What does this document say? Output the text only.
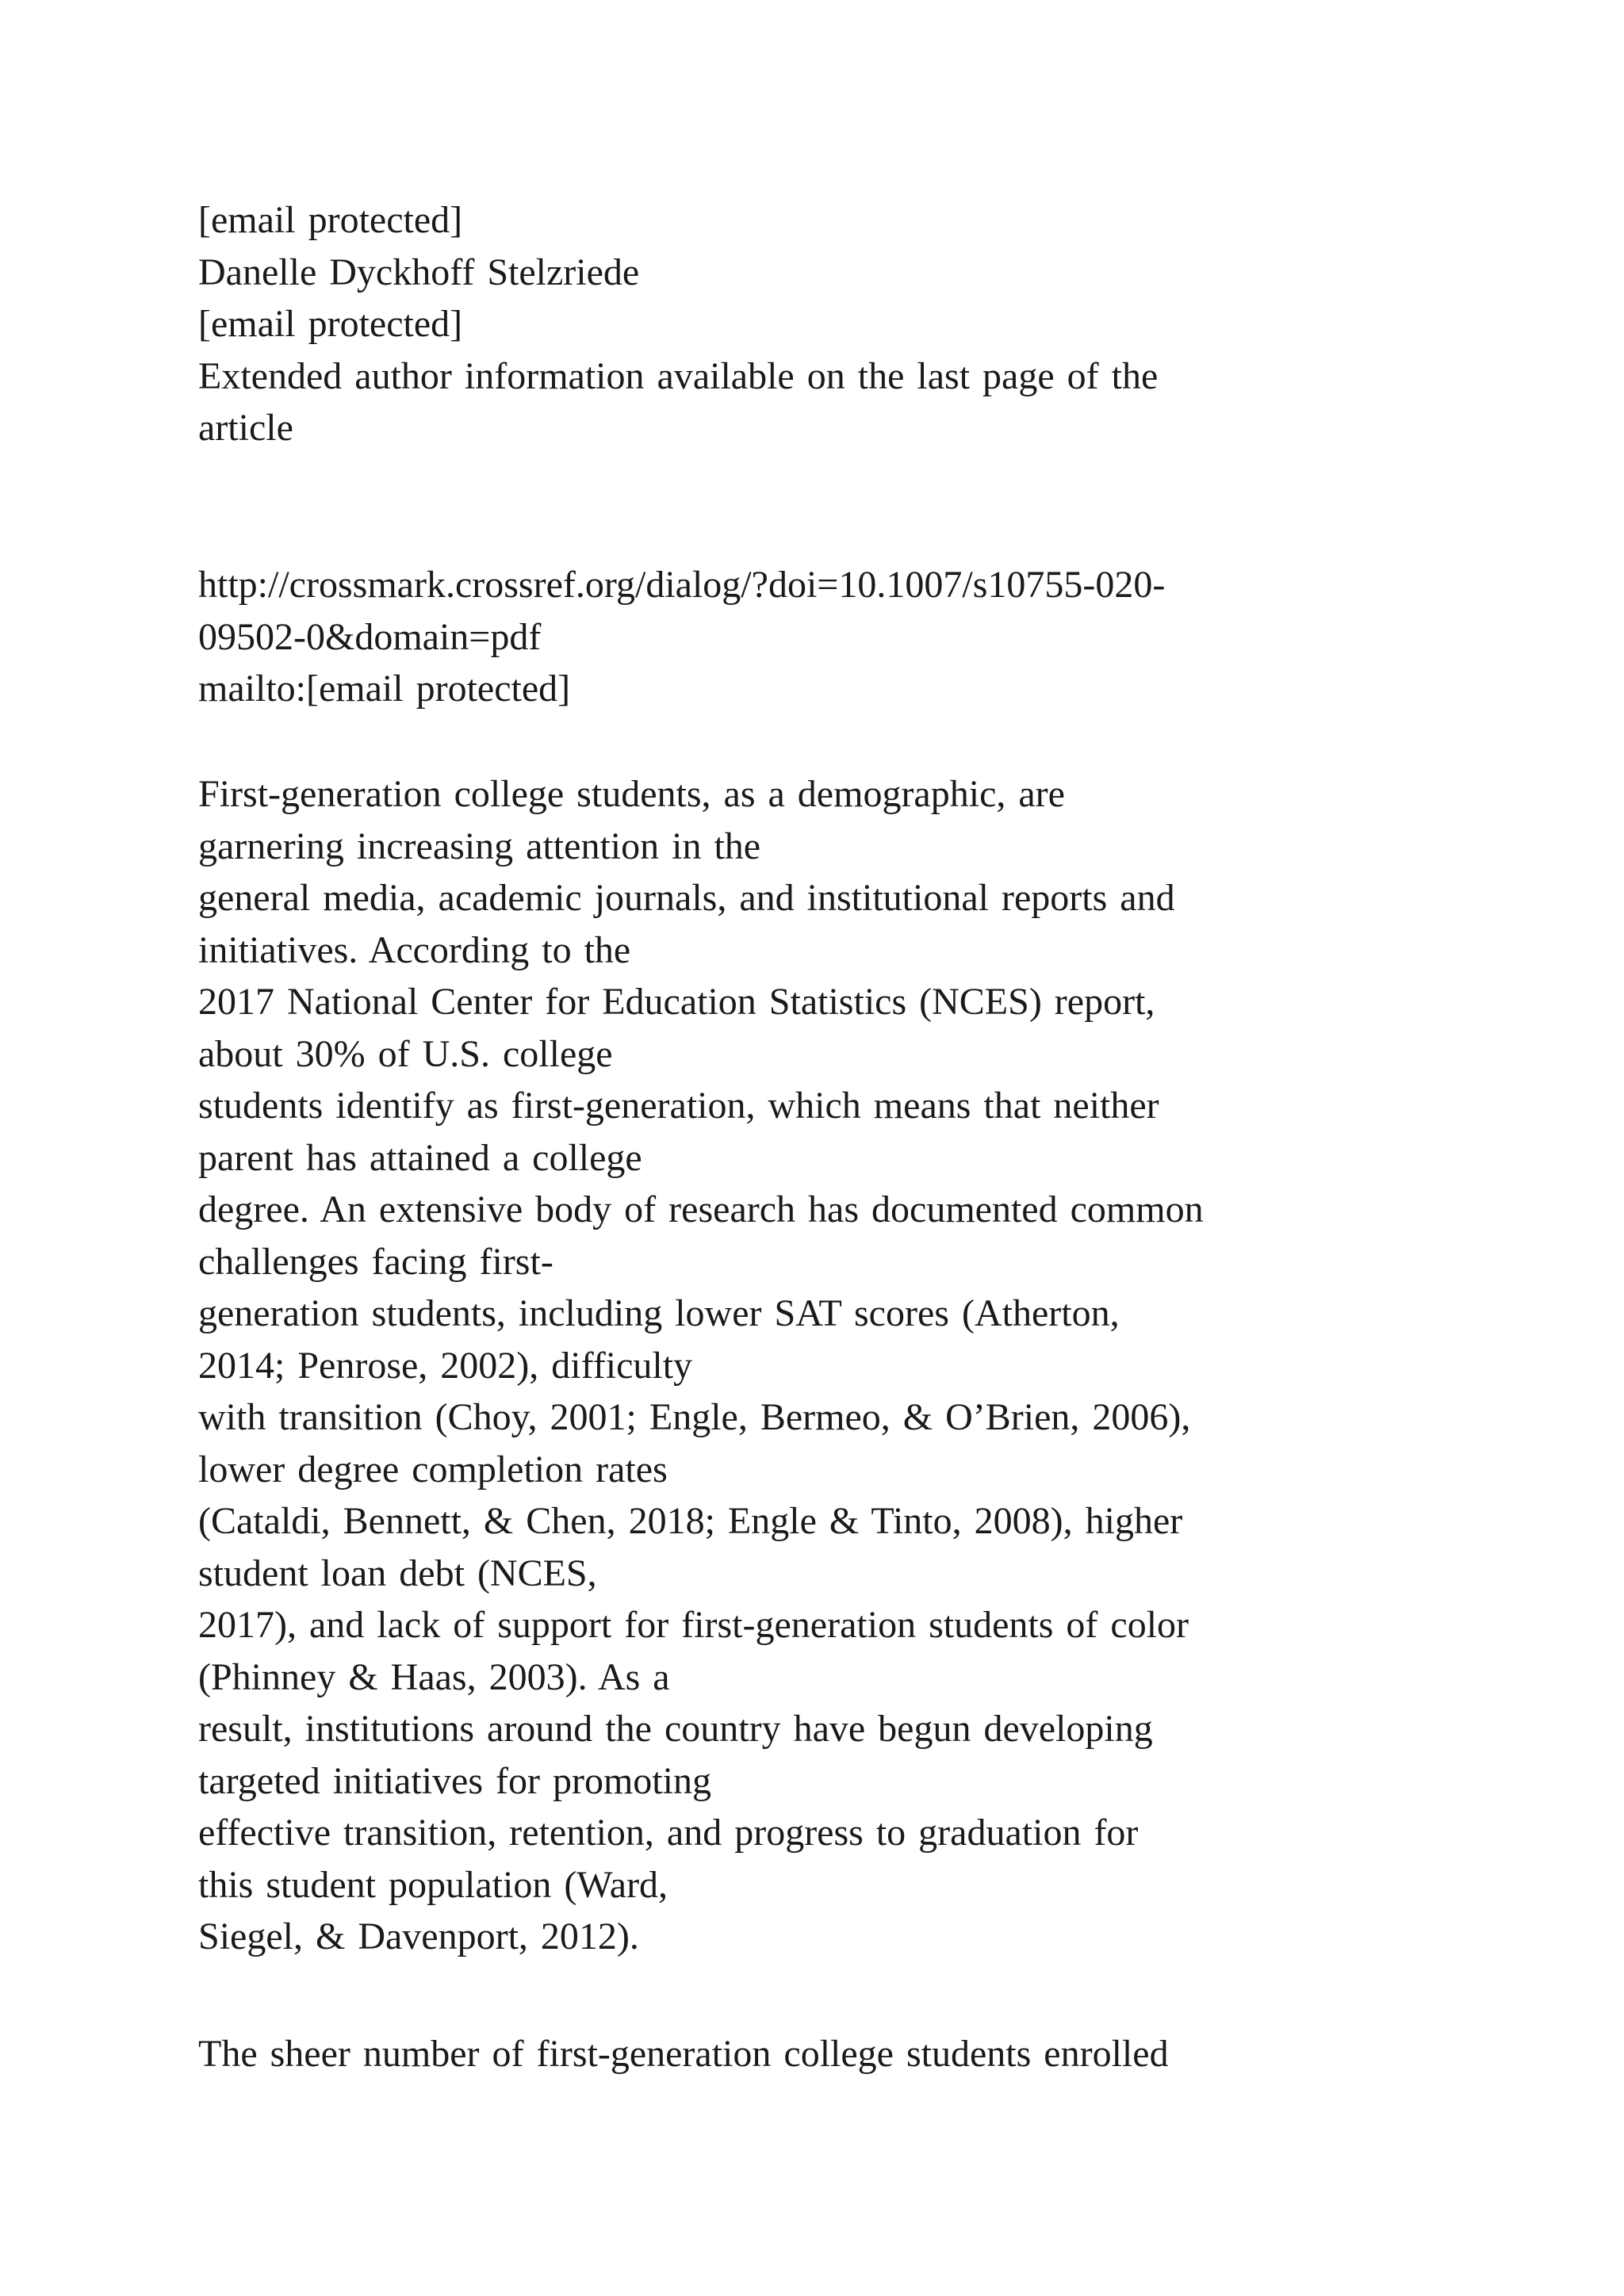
[email protected]
Danelle Dyckhoff Stelzriede
[email protected]
Extended author information available on the last page of the
article
http://crossmark.crossref.org/dialog/?doi=10.1007/s10755-020-
09502-0&domain=pdf
mailto:[email protected]
First-generation college students, as a demographic, are
garnering increasing attention in the
general media, academic journals, and institutional reports and
initiatives. According to the
2017 National Center for Education Statistics (NCES) report,
about 30% of U.S. college
students identify as first-generation, which means that neither
parent has attained a college
degree. An extensive body of research has documented common
challenges facing first-
generation students, including lower SAT scores (Atherton,
2014; Penrose, 2002), difficulty
with transition (Choy, 2001; Engle, Bermeo, & O’Brien, 2006),
lower degree completion rates
(Cataldi, Bennett, & Chen, 2018; Engle & Tinto, 2008), higher
student loan debt (NCES,
2017), and lack of support for first-generation students of color
(Phinney & Haas, 2003). As a
result, institutions around the country have begun developing
targeted initiatives for promoting
effective transition, retention, and progress to graduation for
this student population (Ward,
Siegel, & Davenport, 2012).
The sheer number of first-generation college students enrolled
